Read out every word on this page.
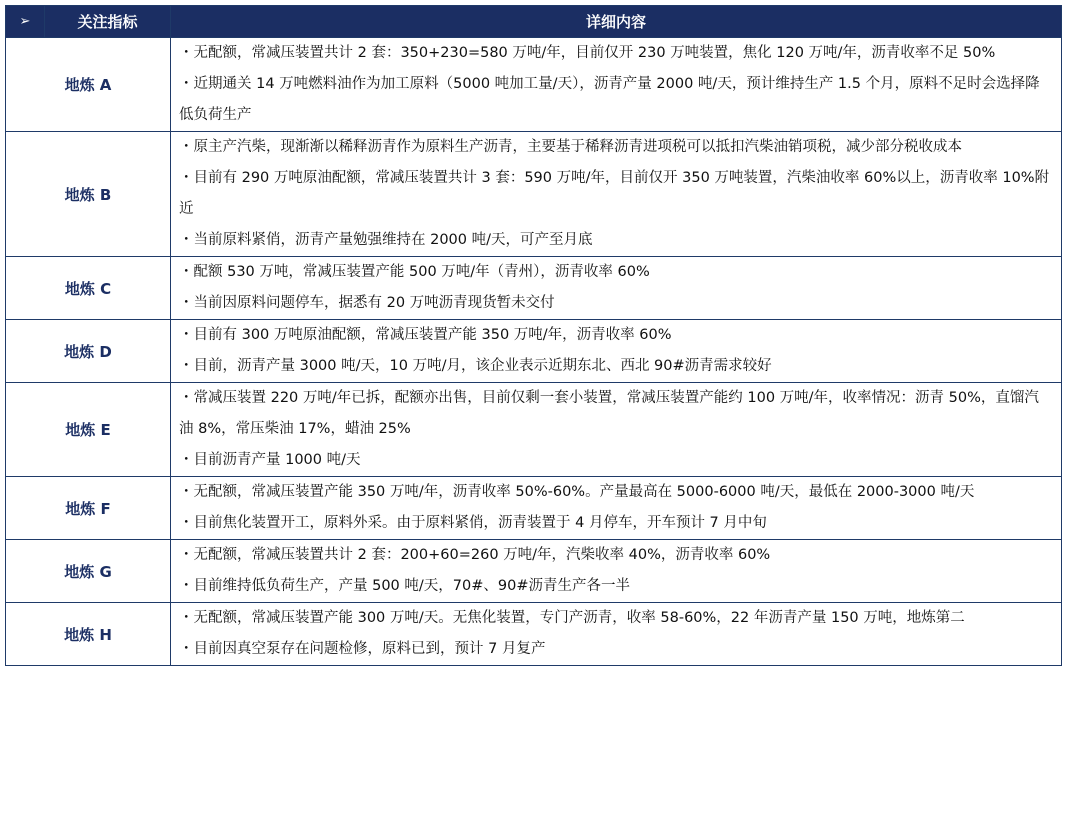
➢	关注指标	详细内容
地炼 A		・无配额，常减压装置共计 2 套：350+230=580 万吨/年，目前仅开 230 万吨装置，焦化 120 万吨/年，沥青收率不足 50%

・近期通关 14 万吨燃料油作为加工原料（5000 吨加工量/天），沥青产量 2000 吨/天，预计维持生产 1.5 个月，原料不足时会选择降低负荷生产

地炼 B		・原主产汽柴，现渐渐以稀释沥青作为原料生产沥青，主要基于稀释沥青进项税可以抵扣汽柴油销项税，减少部分税收成本

・目前有 290 万吨原油配额，常减压装置共计 3 套：590 万吨/年，目前仅开 350 万吨装置，汽柴油收率 60%以上，沥青收率 10%附近

・当前原料紧俏，沥青产量勉强维持在 2000 吨/天，可产至月底

地炼 C		・配额 530 万吨，常减压装置产能 500 万吨/年（青州），沥青收率 60%

・当前因原料问题停车，据悉有 20 万吨沥青现货暂未交付

地炼 D		・目前有 300 万吨原油配额，常减压装置产能 350 万吨/年，沥青收率 60%

・目前，沥青产量 3000 吨/天，10 万吨/月，该企业表示近期东北、西北 90#沥青需求较好

地炼 E		・常减压装置 220 万吨/年已拆，配额亦出售，目前仅剩一套小装置，常减压装置产能约 100 万吨/年，收率情况：沥青 50%，直馏汽油 8%，常压柴油 17%，蜡油 25%

・目前沥青产量 1000 吨/天

地炼 F		・无配额，常减压装置产能 350 万吨/年，沥青收率 50%-60%。产量最高在 5000-6000 吨/天，最低在 2000-3000 吨/天

・目前焦化装置开工，原料外采。由于原料紧俏，沥青装置于 4 月停车，开车预计 7 月中旬

地炼 G		・无配额，常减压装置共计 2 套：200+60=260 万吨/年，汽柴收率 40%，沥青收率 60%

・目前维持低负荷生产，产量 500 吨/天，70#、90#沥青生产各一半

地炼 H		・无配额，常减压装置产能 300 万吨/天。无焦化装置，专门产沥青，收率 58-60%，22 年沥青产量 150 万吨，地炼第二

・目前因真空泵存在问题检修，原料已到，预计 7 月复产
